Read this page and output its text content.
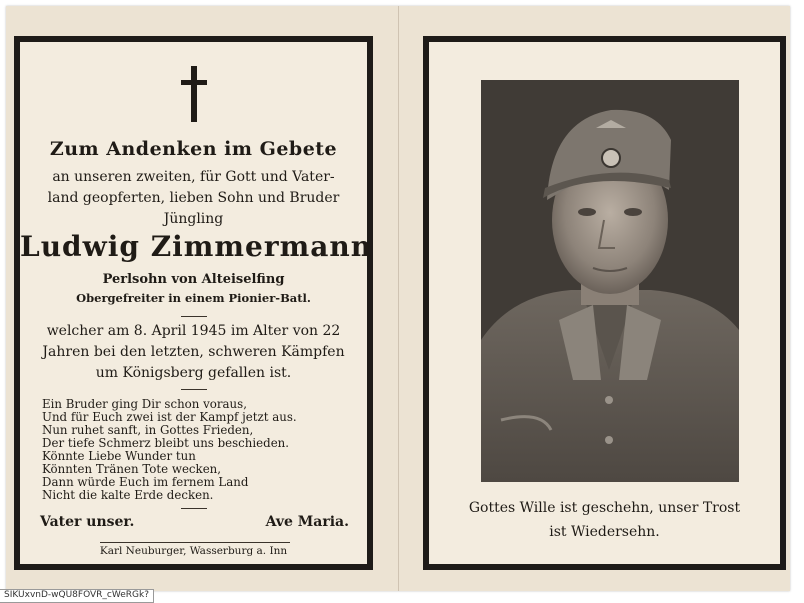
Zum Andenken im Gebete
an unseren zweiten, für Gott und Vater-
land geopferten, lieben Sohn und Bruder
Jüngling
Ludwig Zimmermann
Perlsohn von Alteiselfing
Obergefreiter in einem Pionier-Batl.
welcher am 8. April 1945 im Alter von 22
Jahren bei den letzten, schweren Kämpfen
um Königsberg gefallen ist.
Ein Bruder ging Dir schon voraus,
Und für Euch zwei ist der Kampf jetzt aus.
Nun ruhet sanft, in Gottes Frieden,
Der tiefe Schmerz bleibt uns beschieden.
Könnte Liebe Wunder tun
Könnten Tränen Tote wecken,
Dann würde Euch im fernem Land
Nicht die kalte Erde decken.
Vater unser.	Ave Maria.
Karl Neuburger, Wasserburg a. Inn
Gottes Wille ist geschehn, unser Trost
ist Wiedersehn.
SIKUxvnD-wQU8FOVR_cWeRGk?
